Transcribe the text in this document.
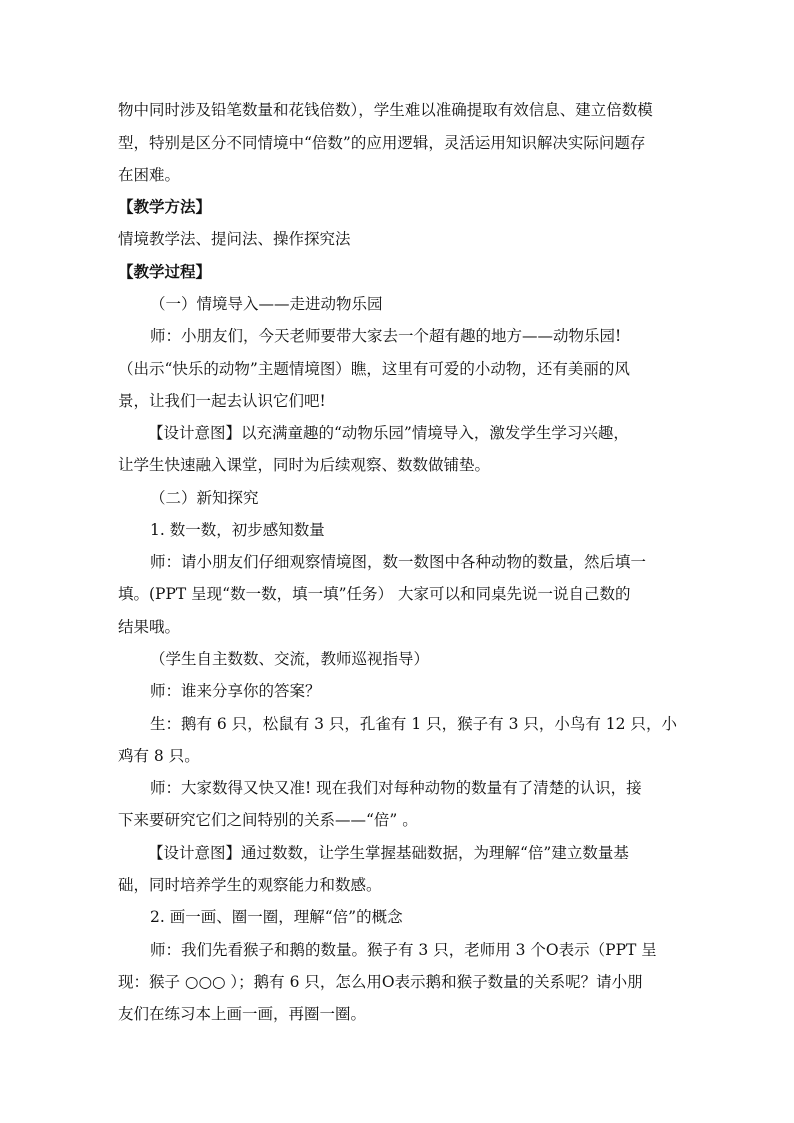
物中同时涉及铅笔数量和花钱倍数），学生难以准确提取有效信息、建立倍数模
型，特别是区分不同情境中“倍数”的应用逻辑，灵活运用知识解决实际问题存
在困难。
【教学方法】
情境教学法、提问法、操作探究法
【教学过程】
（一）情境导入——走进动物乐园
师：小朋友们，今天老师要带大家去一个超有趣的地方——动物乐园!
（出示“快乐的动物”主题情境图）瞧，这里有可爱的小动物，还有美丽的风
景，让我们一起去认识它们吧!
【设计意图】以充满童趣的“动物乐园”情境导入，激发学生学习兴趣，
让学生快速融入课堂，同时为后续观察、数数做铺垫。
（二）新知探究
1. 数一数，初步感知数量
师：请小朋友们仔细观察情境图，数一数图中各种动物的数量，然后填一
填。(PPT 呈现“数一数，填一填”任务） 大家可以和同桌先说一说自己数的
结果哦。
（学生自主数数、交流，教师巡视指导）
师：谁来分享你的答案？
生：鹅有 6 只，松鼠有 3 只，孔雀有 1 只，猴子有 3 只，小鸟有 12 只，小
鸡有 8 只。
师：大家数得又快又准! 现在我们对每种动物的数量有了清楚的认识，接
下来要研究它们之间特别的关系——“倍” 。
【设计意图】通过数数，让学生掌握基础数据，为理解“倍”建立数量基
础，同时培养学生的观察能力和数感。
2. 画一画、圈一圈，理解“倍”的概念
师：我们先看猴子和鹅的数量。猴子有 3 只，老师用 3 个O表示（PPT 呈
现：猴子 ○○○ ）；鹅有 6 只，怎么用O表示鹅和猴子数量的关系呢？请小朋
友们在练习本上画一画，再圈一圈。
